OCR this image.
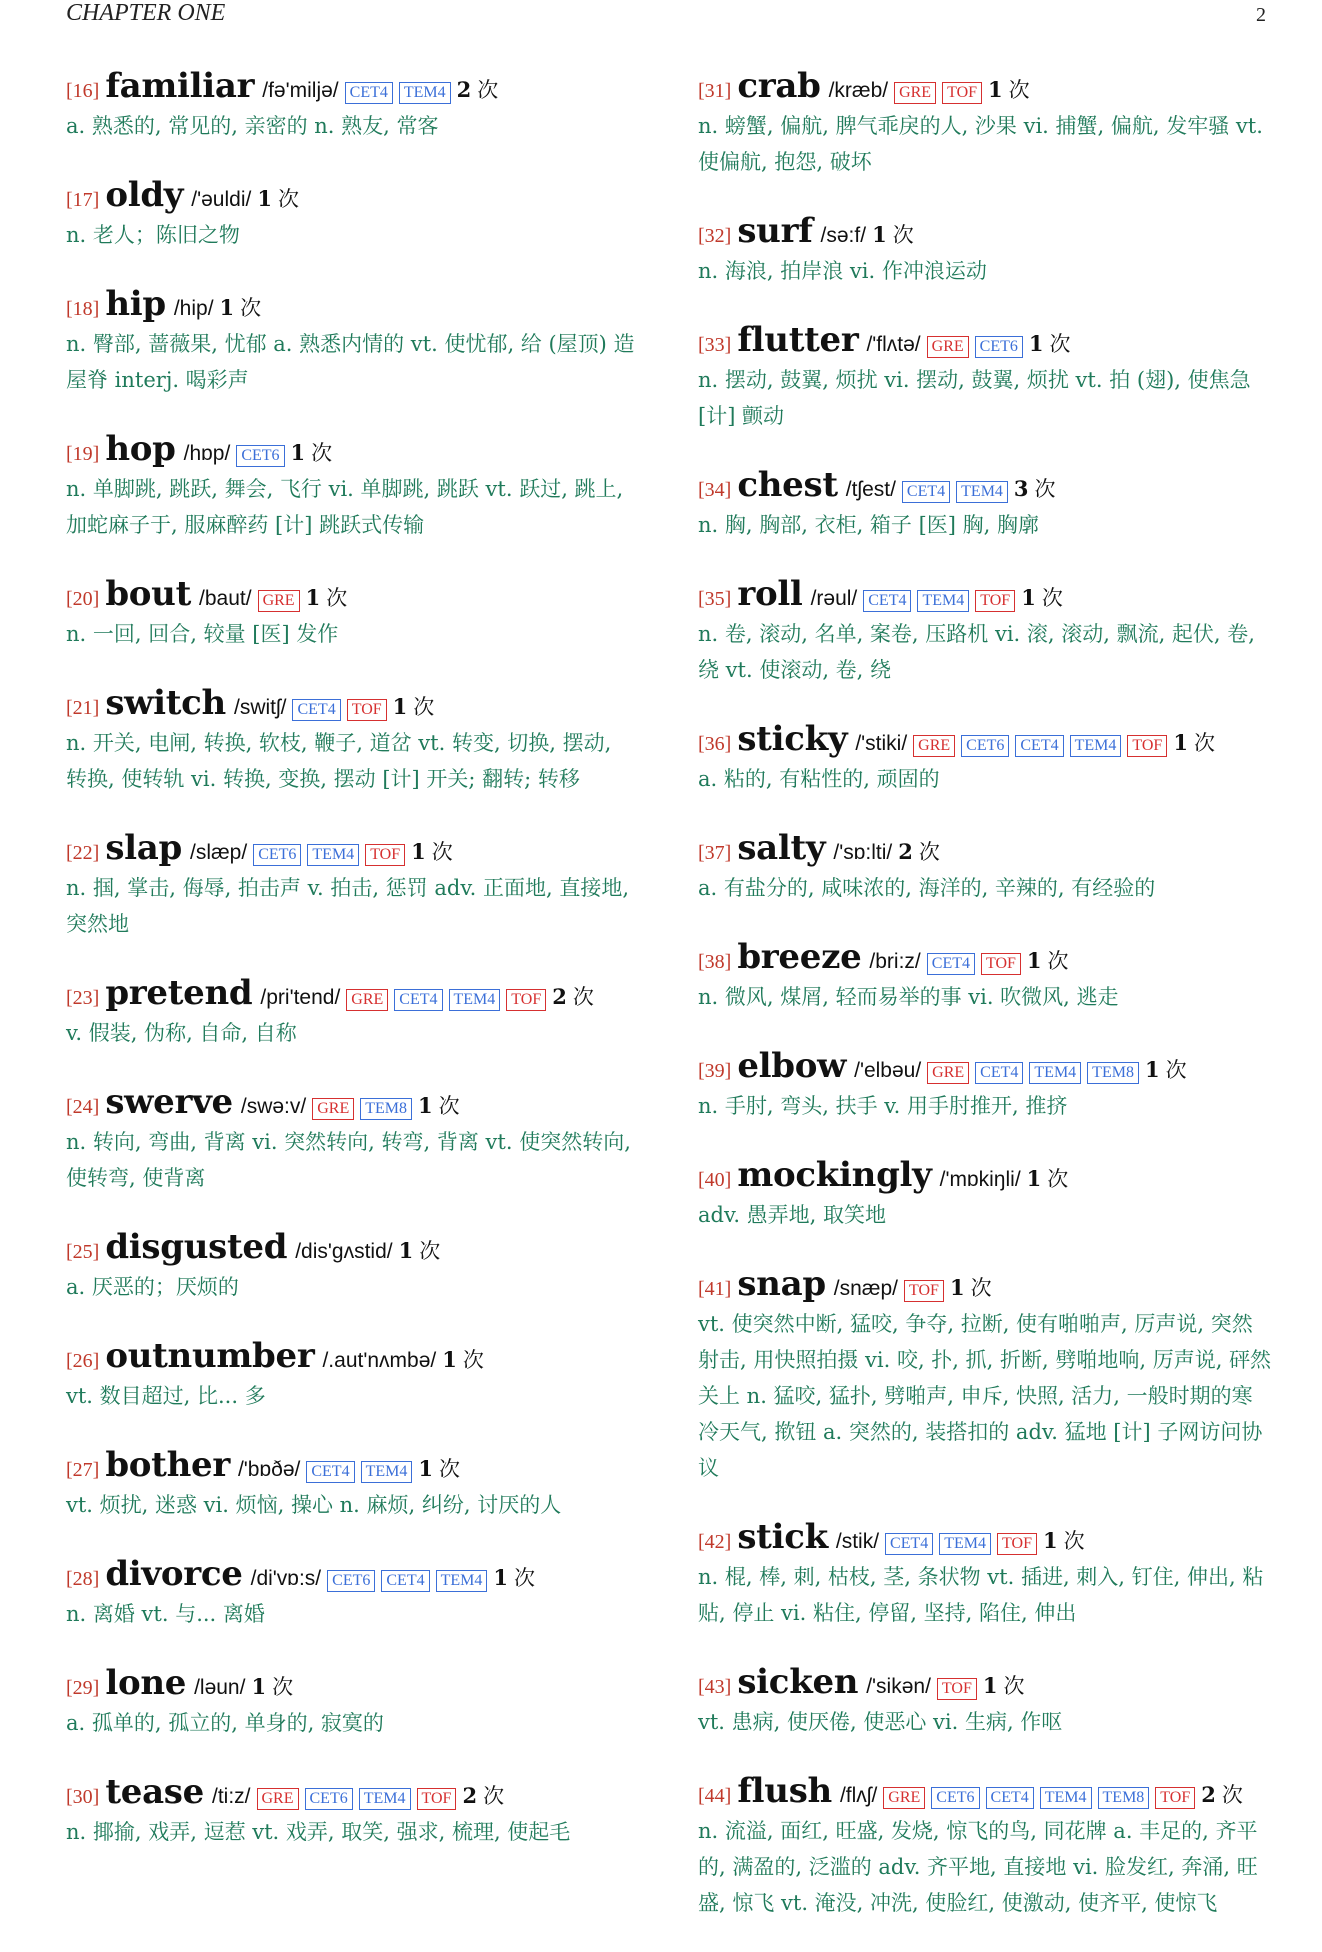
CHAPTER ONE	2
[16] familiar /fə'miljə/ CET4	TEM4 2 次
a. 熟悉的, 常见的, 亲密的 n. 熟友, 常客
[17] oldy /'əuldi/ 1 次
n. 老人；陈旧之物
[18] hip /hip/ 1 次
n. 臀部, 蔷薇果, 忧郁 a. 熟悉内情的 vt. 使忧郁, 给 (屋顶) 造屋脊 interj. 喝彩声
[19] hop /hɒp/ CET6 1 次
n. 单脚跳, 跳跃, 舞会, 飞行 vi. 单脚跳, 跳跃 vt. 跃过, 跳上, 加蛇麻子于, 服麻醉药 [计] 跳跃式传输
[20] bout /baut/ GRE 1 次
n. 一回, 回合, 较量 [医] 发作
[21] switch /switʃ/ CET4	TOF 1 次
n. 开关, 电闸, 转换, 软枝, 鞭子, 道岔 vt. 转变, 切换, 摆动, 转换, 使转轨 vi. 转换, 变换, 摆动 [计] 开关; 翻转; 转移
[22] slap /slæp/ CET6	TEM4	TOF 1 次
n. 掴, 掌击, 侮辱, 拍击声 v. 拍击, 惩罚 adv. 正面地, 直接地, 突然地
[23] pretend /pri'tend/ GRE	CET4	TEM4	TOF 2 次
v. 假装, 伪称, 自命, 自称
[24] swerve /swə:v/ GRE	TEM8 1 次
n. 转向, 弯曲, 背离 vi. 突然转向, 转弯, 背离 vt. 使突然转向, 使转弯, 使背离
[25] disgusted /dis'gʌstid/ 1 次
a. 厌恶的；厌烦的
[26] outnumber /.aut'nʌmbə/ 1 次
vt. 数目超过, 比... 多
[27] bother /'bɒðə/ CET4	TEM4 1 次
vt. 烦扰, 迷惑 vi. 烦恼, 操心 n. 麻烦, 纠纷, 讨厌的人
[28] divorce /di'vɒ:s/ CET6	CET4	TEM4 1 次
n. 离婚 vt. 与... 离婚
[29] lone /ləun/ 1 次
a. 孤单的, 孤立的, 单身的, 寂寞的
[30] tease /ti:z/ GRE	CET6	TEM4	TOF 2 次
n. 揶揄, 戏弄, 逗惹 vt. 戏弄, 取笑, 强求, 梳理, 使起毛
[31] crab /kræb/ GRE	TOF 1 次
n. 螃蟹, 偏航, 脾气乖戾的人, 沙果 vi. 捕蟹, 偏航, 发牢骚 vt. 使偏航, 抱怨, 破坏
[32] surf /sə:f/ 1 次
n. 海浪, 拍岸浪 vi. 作冲浪运动
[33] flutter /'flʌtə/ GRE	CET6 1 次
n. 摆动, 鼓翼, 烦扰 vi. 摆动, 鼓翼, 烦扰 vt. 拍 (翅), 使焦急 [计] 颤动
[34] chest /tʃest/ CET4	TEM4 3 次
n. 胸, 胸部, 衣柜, 箱子 [医] 胸, 胸廓
[35] roll /rəul/ CET4	TEM4	TOF 1 次
n. 卷, 滚动, 名单, 案卷, 压路机 vi. 滚, 滚动, 飘流, 起伏, 卷, 绕 vt. 使滚动, 卷, 绕
[36] sticky /'stiki/ GRE	CET6	CET4	TEM4	TOF 1 次
a. 粘的, 有粘性的, 顽固的
[37] salty /'sɒ:lti/ 2 次
a. 有盐分的, 咸味浓的, 海洋的, 辛辣的, 有经验的
[38] breeze /bri:z/ CET4	TOF 1 次
n. 微风, 煤屑, 轻而易举的事 vi. 吹微风, 逃走
[39] elbow /'elbəu/ GRE	CET4	TEM4	TEM8 1 次
n. 手肘, 弯头, 扶手 v. 用手肘推开, 推挤
[40] mockingly /'mɒkiŋli/ 1 次
adv. 愚弄地, 取笑地
[41] snap /snæp/ TOF 1 次
vt. 使突然中断, 猛咬, 争夺, 拉断, 使有啪啪声, 厉声说, 突然射击, 用快照拍摄 vi. 咬, 扑, 抓, 折断, 劈啪地响, 厉声说, 砰然关上 n. 猛咬, 猛扑, 劈啪声, 申斥, 快照, 活力, 一般时期的寒冷天气, 揿钮 a. 突然的, 装搭扣的 adv. 猛地 [计] 子网访问协议
[42] stick /stik/ CET4	TEM4	TOF 1 次
n. 棍, 棒, 刺, 枯枝, 茎, 条状物 vt. 插进, 刺入, 钉住, 伸出, 粘贴, 停止 vi. 粘住, 停留, 坚持, 陷住, 伸出
[43] sicken /'sikən/ TOF 1 次
vt. 患病, 使厌倦, 使恶心 vi. 生病, 作呕
[44] flush /flʌʃ/ GRE	CET6	CET4	TEM4	TEM8	TOF 2 次
n. 流溢, 面红, 旺盛, 发烧, 惊飞的鸟, 同花牌 a. 丰足的, 齐平的, 满盈的, 泛滥的 adv. 齐平地, 直接地 vi. 脸发红, 奔涌, 旺盛, 惊飞 vt. 淹没, 冲洗, 使脸红, 使激动, 使齐平, 使惊飞
